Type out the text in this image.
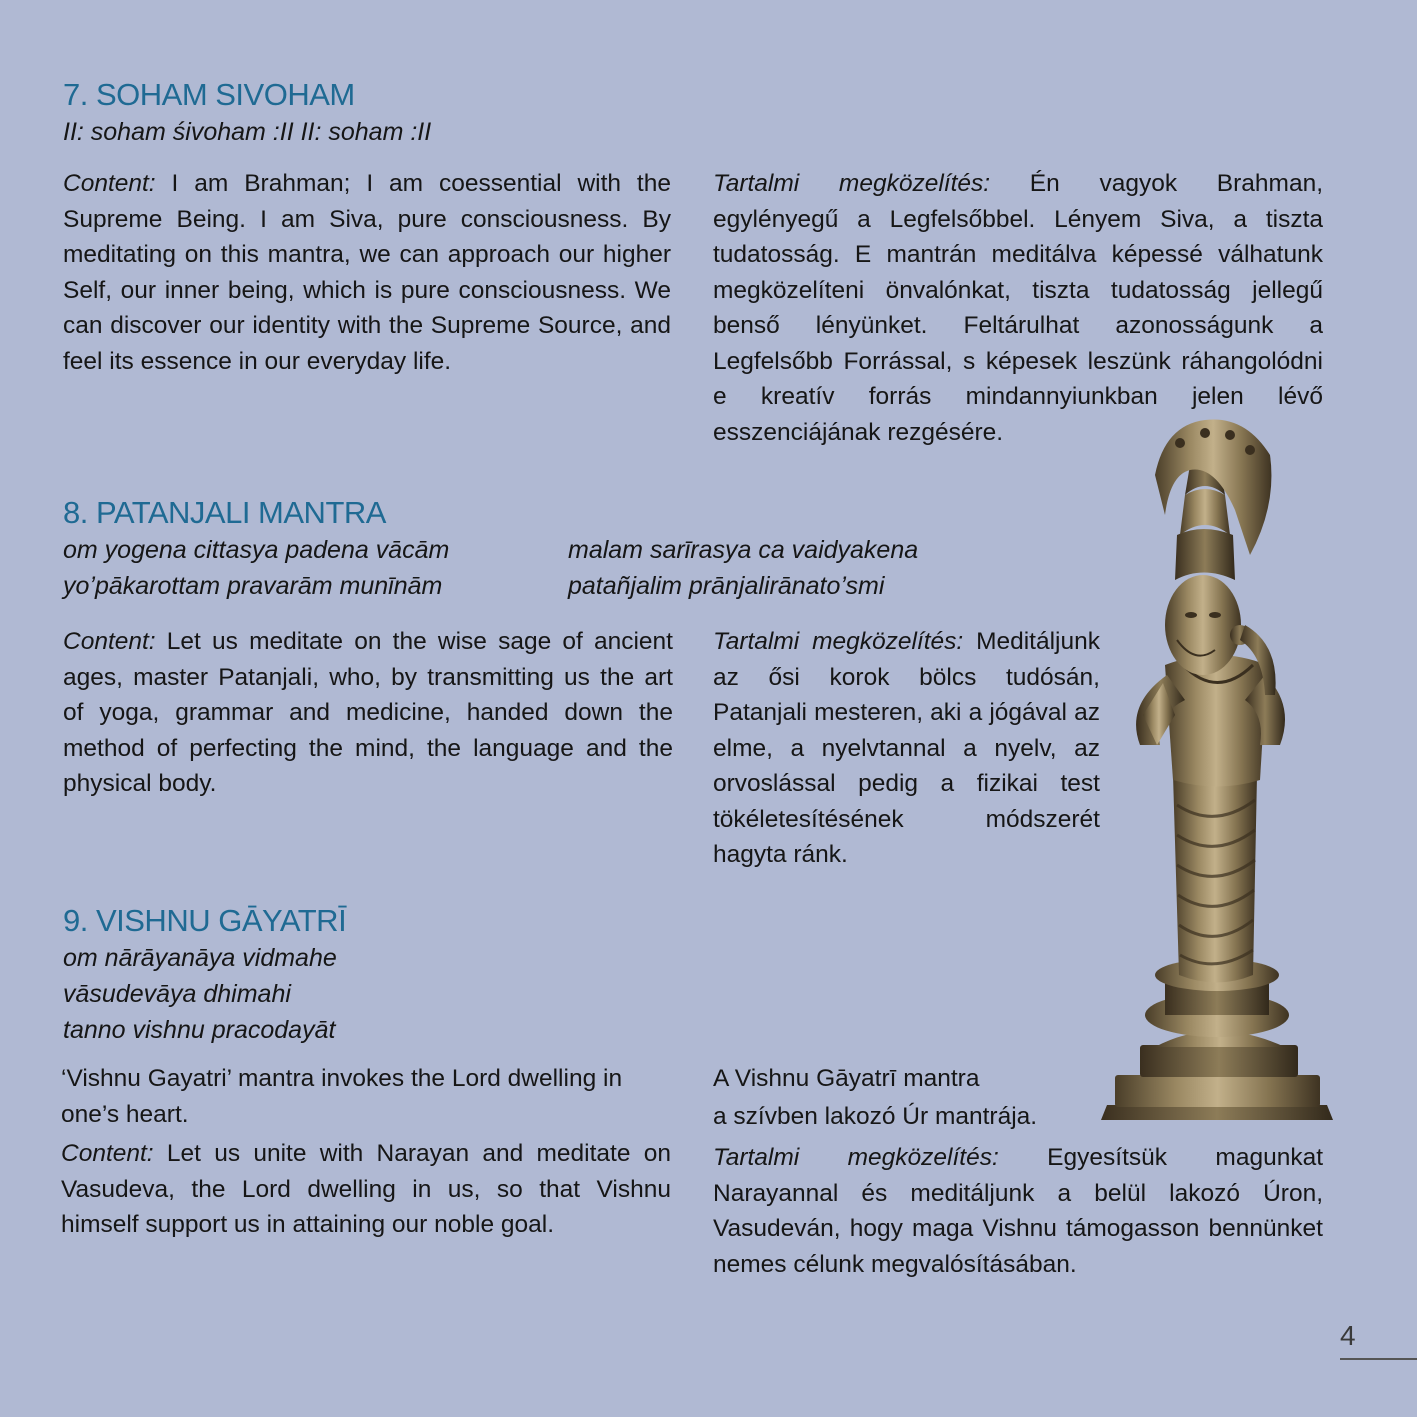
7. SOHAM SIVOHAM
II: soham śivoham :II II: soham :II

Content: I am Brahman; I am coessential with the Supreme Being. I am Siva, pure consciousness. By meditating on this mantra, we can approach our higher Self, our inner being, which is pure consciousness. We can discover our identity with the Supreme Source, and feel its essence in our everyday life.

Tartalmi megközelítés: Én vagyok Brahman, egylényegű a Legfelsőbbel. Lényem Siva, a tiszta tudatosság. E mantrán meditálva képessé válhatunk megközelíteni önvalónkat, tiszta tudatosság jellegű benső lényünket. Feltárulhat azonosságunk a Legfelsőbb Forrással, s képesek leszünk ráhangolódni e kreatív forrás mindannyiunkban jelen lévő esszenciájának rezgésére.

8. PATANJALI MANTRA
om yogena cittasya padena vācām
yo’pākarottam pravarām munīnām
malam sarīrasya ca vaidyakena
patañjalim prānjalirānato’smi

Content: Let us meditate on the wise sage of ancient ages, master Patanjali, who, by transmitting us the art of yoga, grammar and medicine, handed down the method of perfecting the mind, the language and the physical body.

Tartalmi megközelítés: Meditáljunk az ősi korok bölcs tudósán, Patanjali mesteren, aki a jógával az elme, a nyelvtannal a nyelv, az orvoslással pedig a fizikai test tökéletesítésének módszerét hagyta ránk.

9. VISHNU GĀYATRĪ
om nārāyanāya vidmahe
vāsudevāya dhimahi
tanno vishnu pracodayāt

‘Vishnu Gayatri’ mantra invokes the Lord dwelling in one’s heart.

Content: Let us unite with Narayan and meditate on Vasudeva, the Lord dwelling in us, so that Vishnu himself support us in attaining our noble goal.

A Vishnu Gāyatrī mantra
a szívben lakozó Úr mantrája.

Tartalmi megközelítés: Egyesítsük magunkat Narayannal és meditáljunk a belül lakozó Úron, Vasudeván, hogy maga Vishnu támogasson bennünket nemes célunk megvalósításában.

4
